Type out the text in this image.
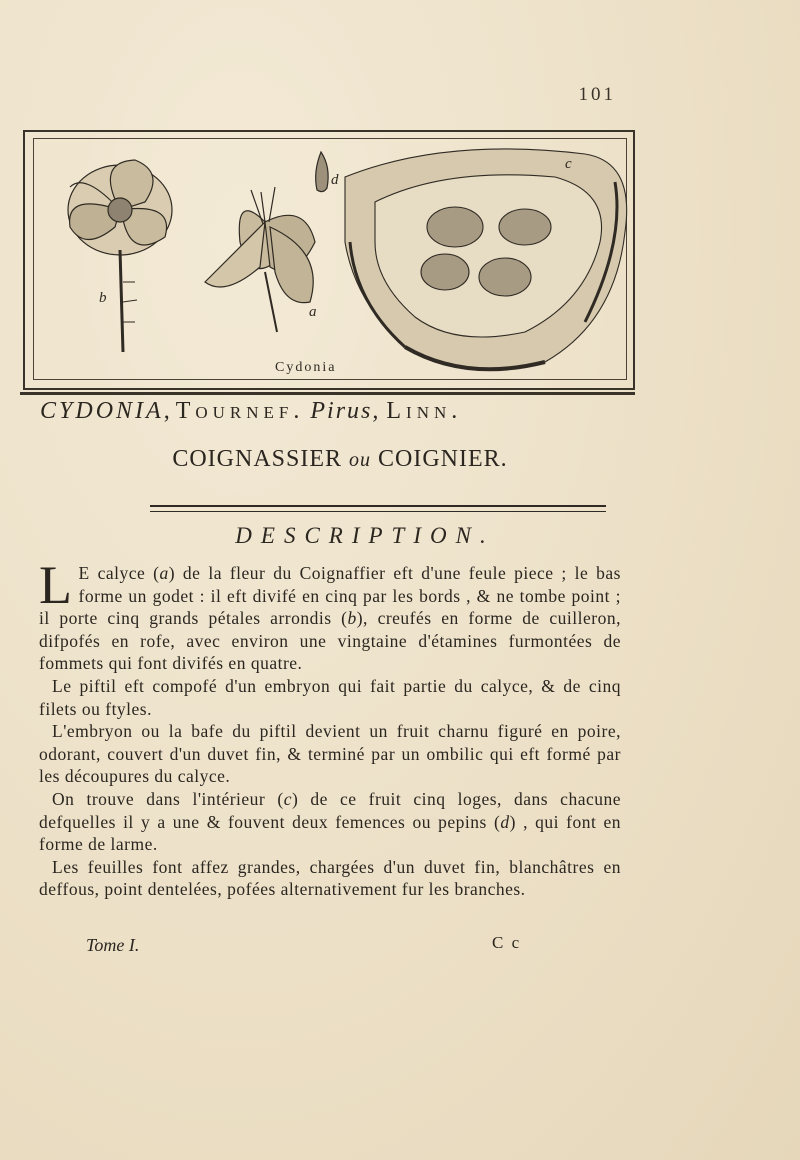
101
b
a
d
c
Cydonia
CYDONIA, Tournef. Pirus, Linn.
COIGNASSIER ou COIGNIER.
DESCRIPTION.

L E calyce (a) de la fleur du Coignaffier eft d'une feule piece ; le bas forme un godet : il eft divifé en cinq par les bords , & ne tombe point ; il porte cinq grands pétales arrondis (b), creufés en forme de cuilleron, difpofés en rofe, avec environ une vingtaine d'étamines furmontées de fommets qui font divifés en quatre.

Le piftil eft compofé d'un embryon qui fait partie du calyce, & de cinq filets ou ftyles.

L'embryon ou la bafe du piftil devient un fruit charnu figuré en poire, odorant, couvert d'un duvet fin, & terminé par un ombilic qui eft formé par les découpures du calyce.

On trouve dans l'intérieur (c) de ce fruit cinq loges, dans chacune defquelles il y a une & fouvent deux femences ou pepins (d) , qui font en forme de larme.

Les feuilles font affez grandes, chargées d'un duvet fin, blanchâtres en deffous, point dentelées, pofées alternativement fur les branches.

Tome I.	C c
